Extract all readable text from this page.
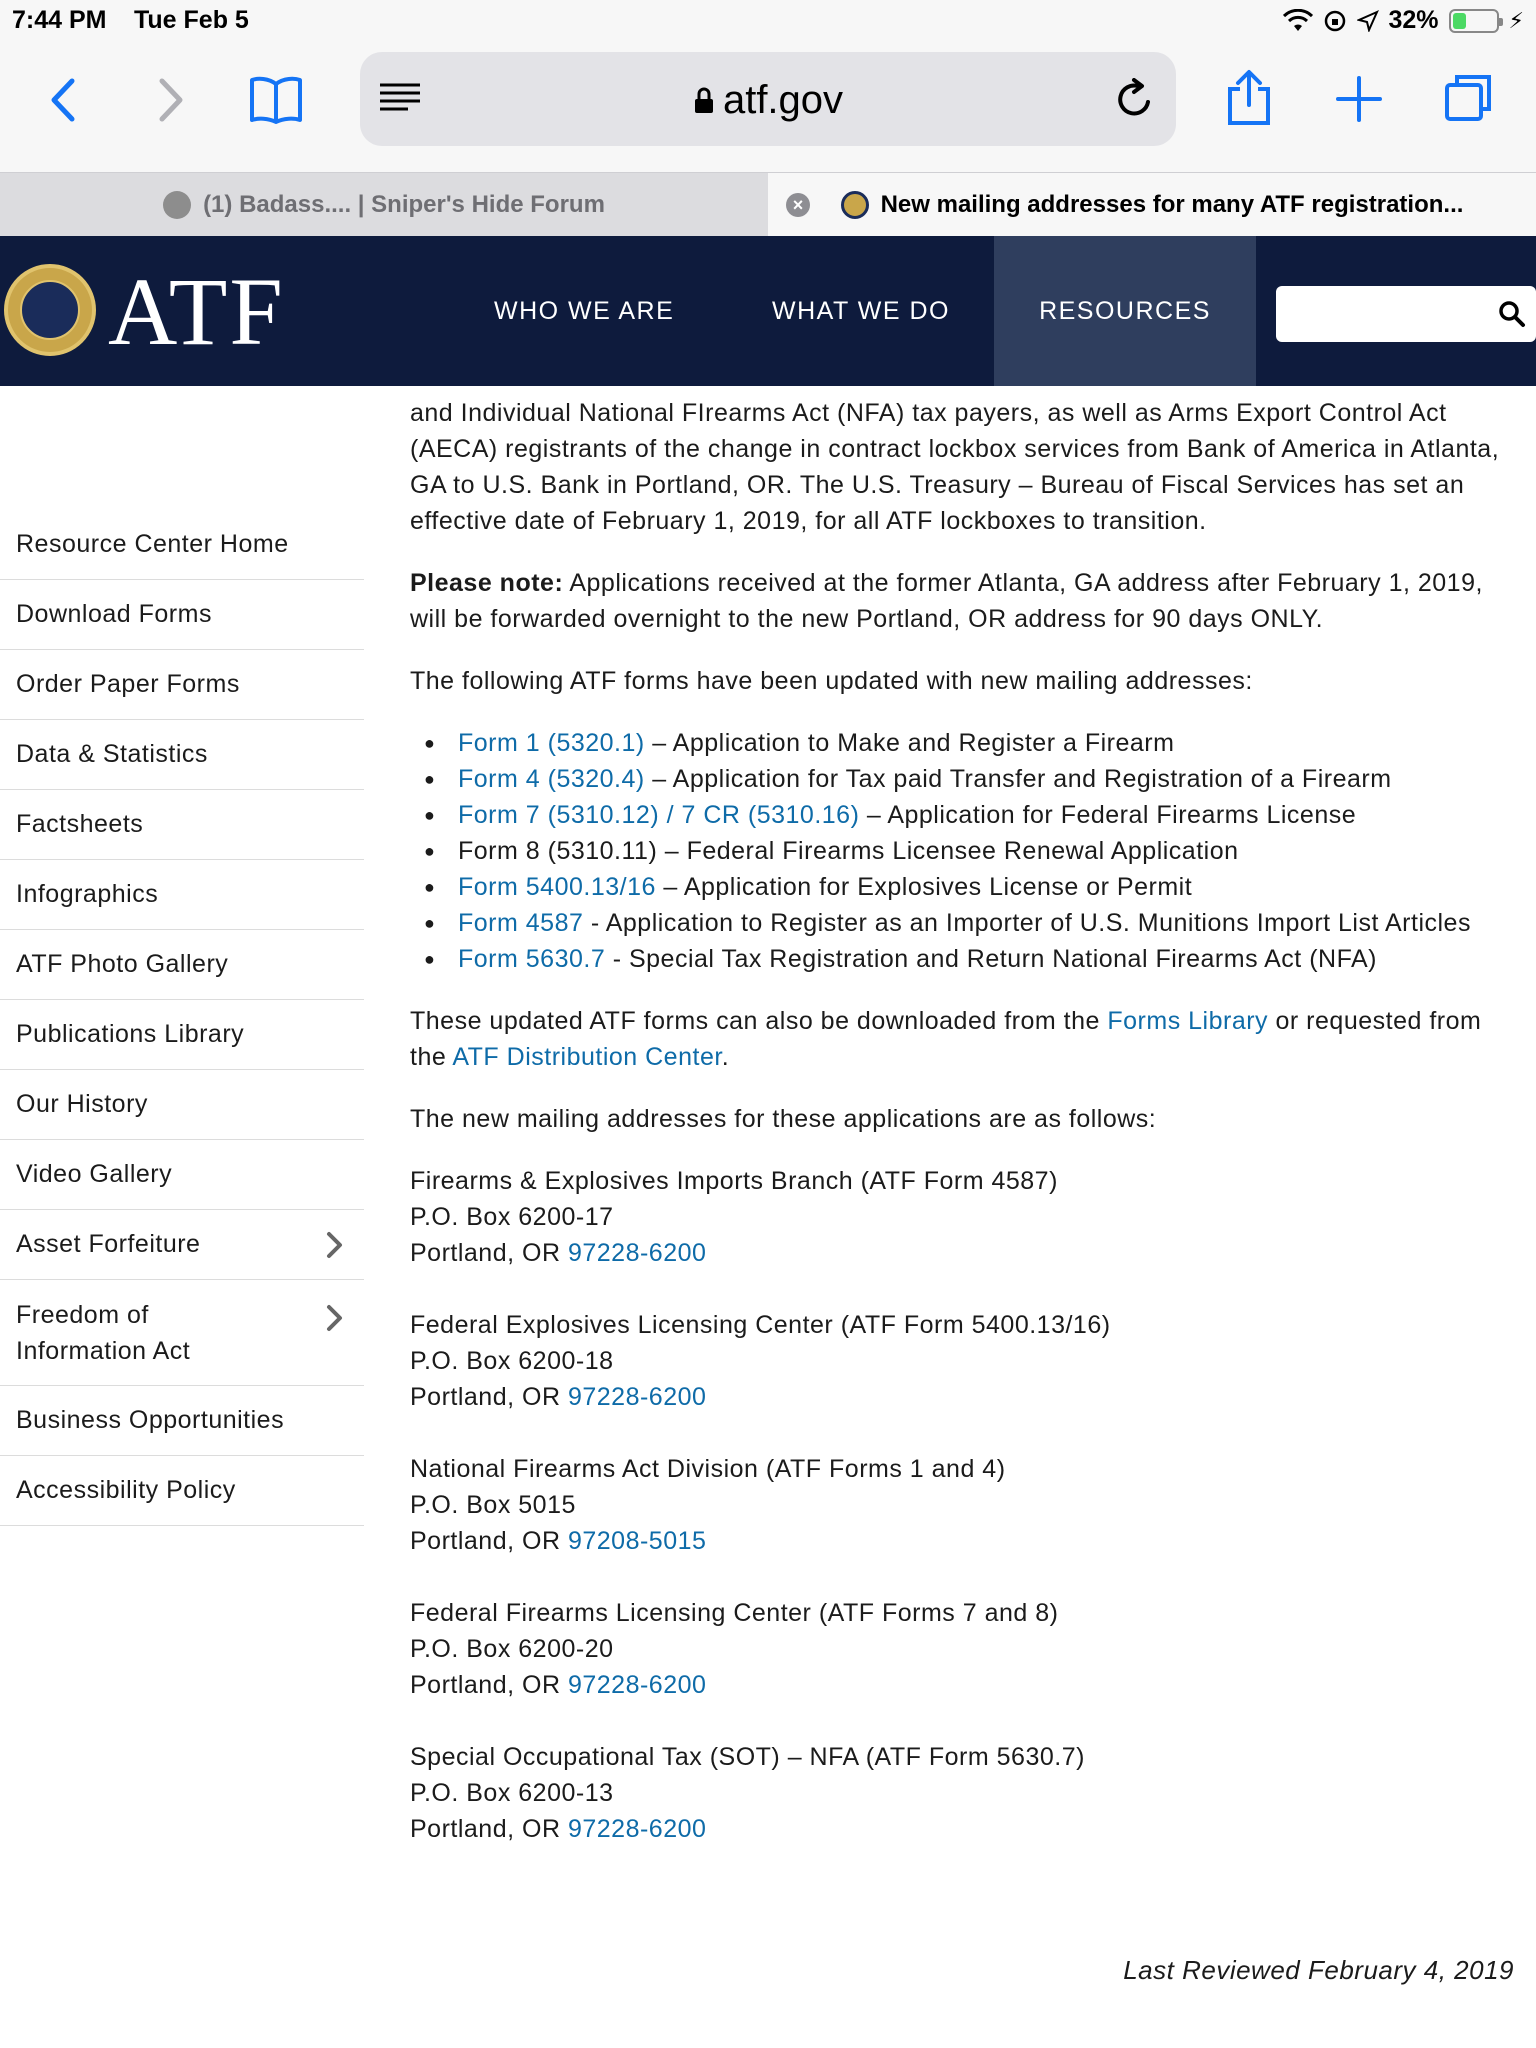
7:44 PM Tue Feb 5	32%	⚡
atf.gov
(1) Badass.... | Sniper's Hide Forum	×	New mailing addresses for many ATF registration...
ATF	WHO WE ARE	WHAT WE DO	RESOURCES
Resource Center Home
Download Forms
Order Paper Forms
Data & Statistics
Factsheets
Infographics
ATF Photo Gallery
Publications Library
Our History
Video Gallery
Asset Forfeiture
Freedom of Information Act
Business Opportunities
Accessibility Policy

and Individual National FIrearms Act (NFA) tax payers, as well as Arms Export Control Act (AECA) registrants of the change in contract lockbox services from Bank of America in Atlanta, GA to U.S. Bank in Portland, OR. The U.S. Treasury – Bureau of Fiscal Services has set an effective date of February 1, 2019, for all ATF lockboxes to transition.

Please note: Applications received at the former Atlanta, GA address after February 1, 2019, will be forwarded overnight to the new Portland, OR address for 90 days ONLY.

The following ATF forms have been updated with new mailing addresses:

● Form 1 (5320.1) – Application to Make and Register a Firearm
● Form 4 (5320.4) – Application for Tax paid Transfer and Registration of a Firearm
● Form 7 (5310.12) / 7 CR (5310.16) – Application for Federal Firearms License
● Form 8 (5310.11) – Federal Firearms Licensee Renewal Application
● Form 5400.13/16 – Application for Explosives License or Permit
● Form 4587 - Application to Register as an Importer of U.S. Munitions Import List Articles
● Form 5630.7 - Special Tax Registration and Return National Firearms Act (NFA)

These updated ATF forms can also be downloaded from the Forms Library or requested from the ATF Distribution Center.

The new mailing addresses for these applications are as follows:

Firearms & Explosives Imports Branch (ATF Form 4587)
P.O. Box 6200-17
Portland, OR 97228-6200
Federal Explosives Licensing Center (ATF Form 5400.13/16)
P.O. Box 6200-18
Portland, OR 97228-6200
National Firearms Act Division (ATF Forms 1 and 4)
P.O. Box 5015
Portland, OR 97208-5015
Federal Firearms Licensing Center (ATF Forms 7 and 8)
P.O. Box 6200-20
Portland, OR 97228-6200
Special Occupational Tax (SOT) – NFA (ATF Form 5630.7)
P.O. Box 6200-13
Portland, OR 97228-6200
Last Reviewed February 4, 2019
